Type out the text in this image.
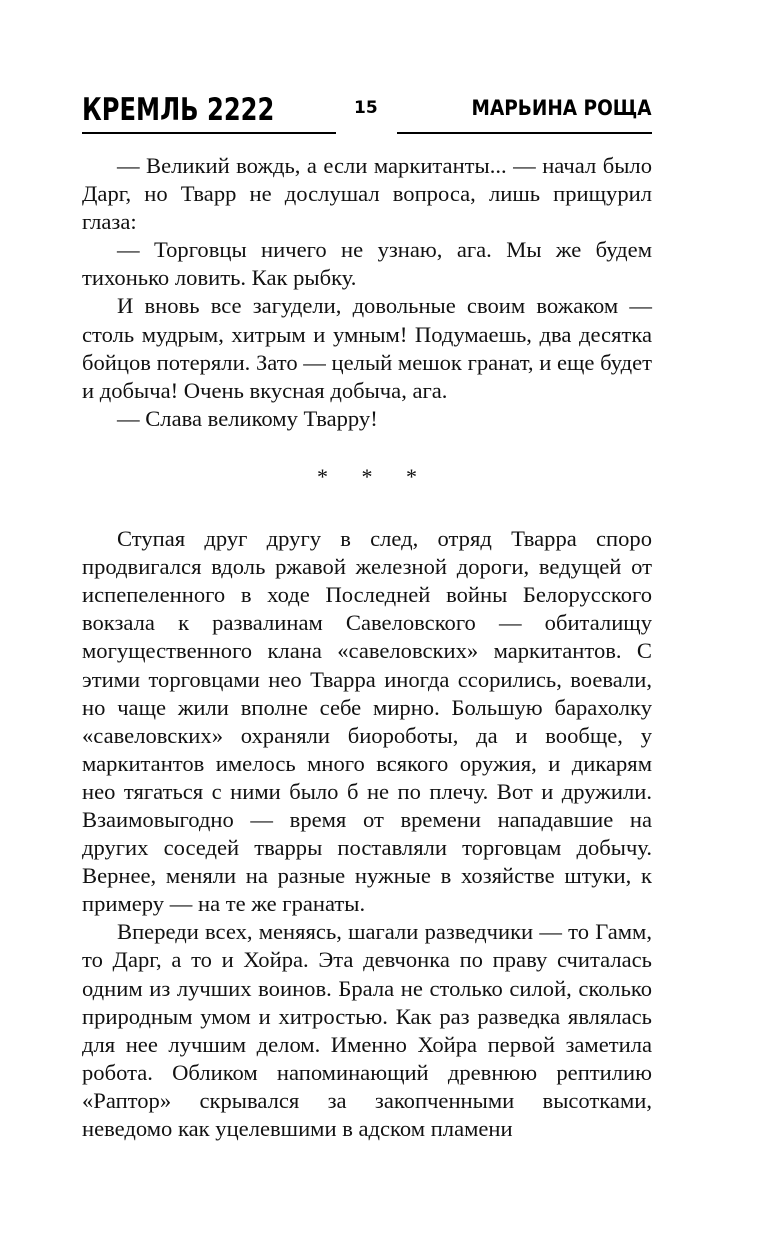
КРЕМЛЬ 2222	15	МАРЬИНА РОЩА

— Великий вождь, а если маркитанты... — начал было Дарг, но Тварр не дослушал вопроса, лишь прищурил глаза:

— Торговцы ничего не узнаю, ага. Мы же будем тихонько ловить. Как рыбку.

И вновь все загудели, довольные своим вожаком — столь мудрым, хитрым и умным! Подумаешь, два десятка бойцов потеряли. Зато — целый мешок гранат, и еще будет и добыча! Очень вкусная добыча, ага.

— Слава великому Тварру!

* * *

Ступая друг другу в след, отряд Тварра споро продвигался вдоль ржавой железной дороги, ведущей от испепеленного в ходе Последней войны Белорусского вокзала к развалинам Савеловского — обиталищу могущественного клана «савеловских» маркитантов. С этими торговцами нео Тварра иногда ссорились, воевали, но чаще жили вполне себе мирно. Большую барахолку «савеловских» охраняли биороботы, да и вообще, у маркитантов имелось много всякого оружия, и дикарям нео тягаться с ними было б не по плечу. Вот и дружили. Взаимовыгодно — время от времени нападавшие на других соседей тварры поставляли торговцам добычу. Вернее, меняли на разные нужные в хозяйстве штуки, к примеру — на те же гранаты.

Впереди всех, меняясь, шагали разведчики — то Гамм, то Дарг, а то и Хойра. Эта девчонка по праву считалась одним из лучших воинов. Брала не столько силой, сколько природным умом и хитростью. Как раз разведка являлась для нее лучшим делом. Именно Хойра первой заметила робота. Обликом напоминающий древнюю рептилию «Раптор» скрывался за закопченными высотками, неведомо как уцелевшими в адском пламени
